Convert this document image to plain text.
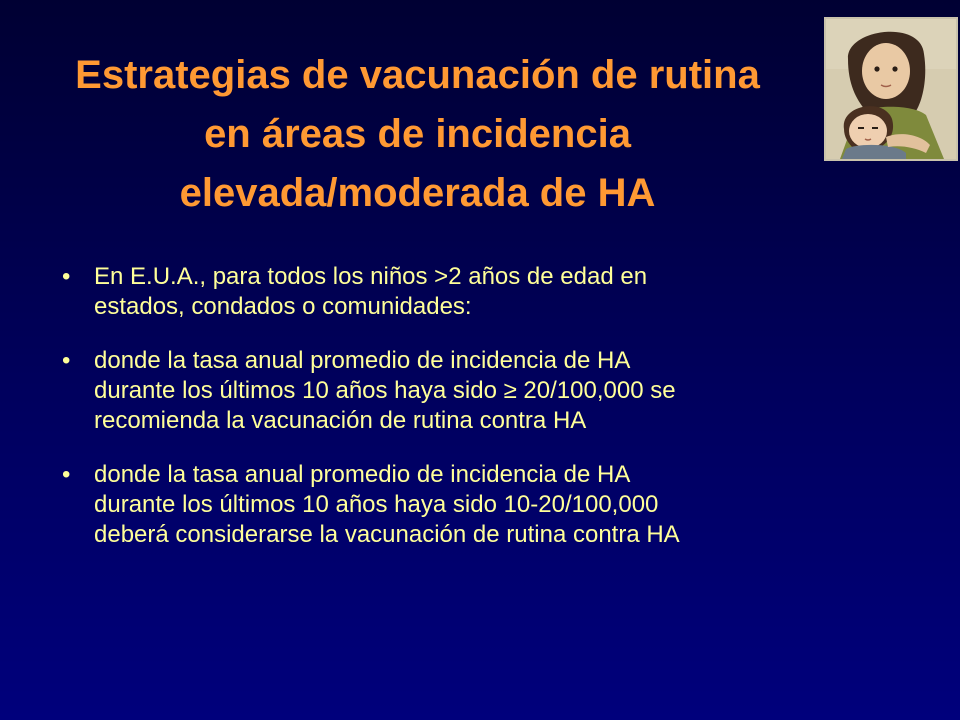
Estrategias de vacunación de rutina
en áreas de incidencia
elevada/moderada de HA
• En E.U.A., para todos los niños >2 años de edad en
estados, condados o comunidades:
• donde la tasa anual promedio de incidencia de HA
durante los últimos 10 años haya sido ≥ 20/100,000 se
recomienda la vacunación de rutina contra HA
• donde la tasa anual promedio de incidencia de HA
durante los últimos 10 años haya sido 10-20/100,000
deberá considerarse la vacunación de rutina contra HA
